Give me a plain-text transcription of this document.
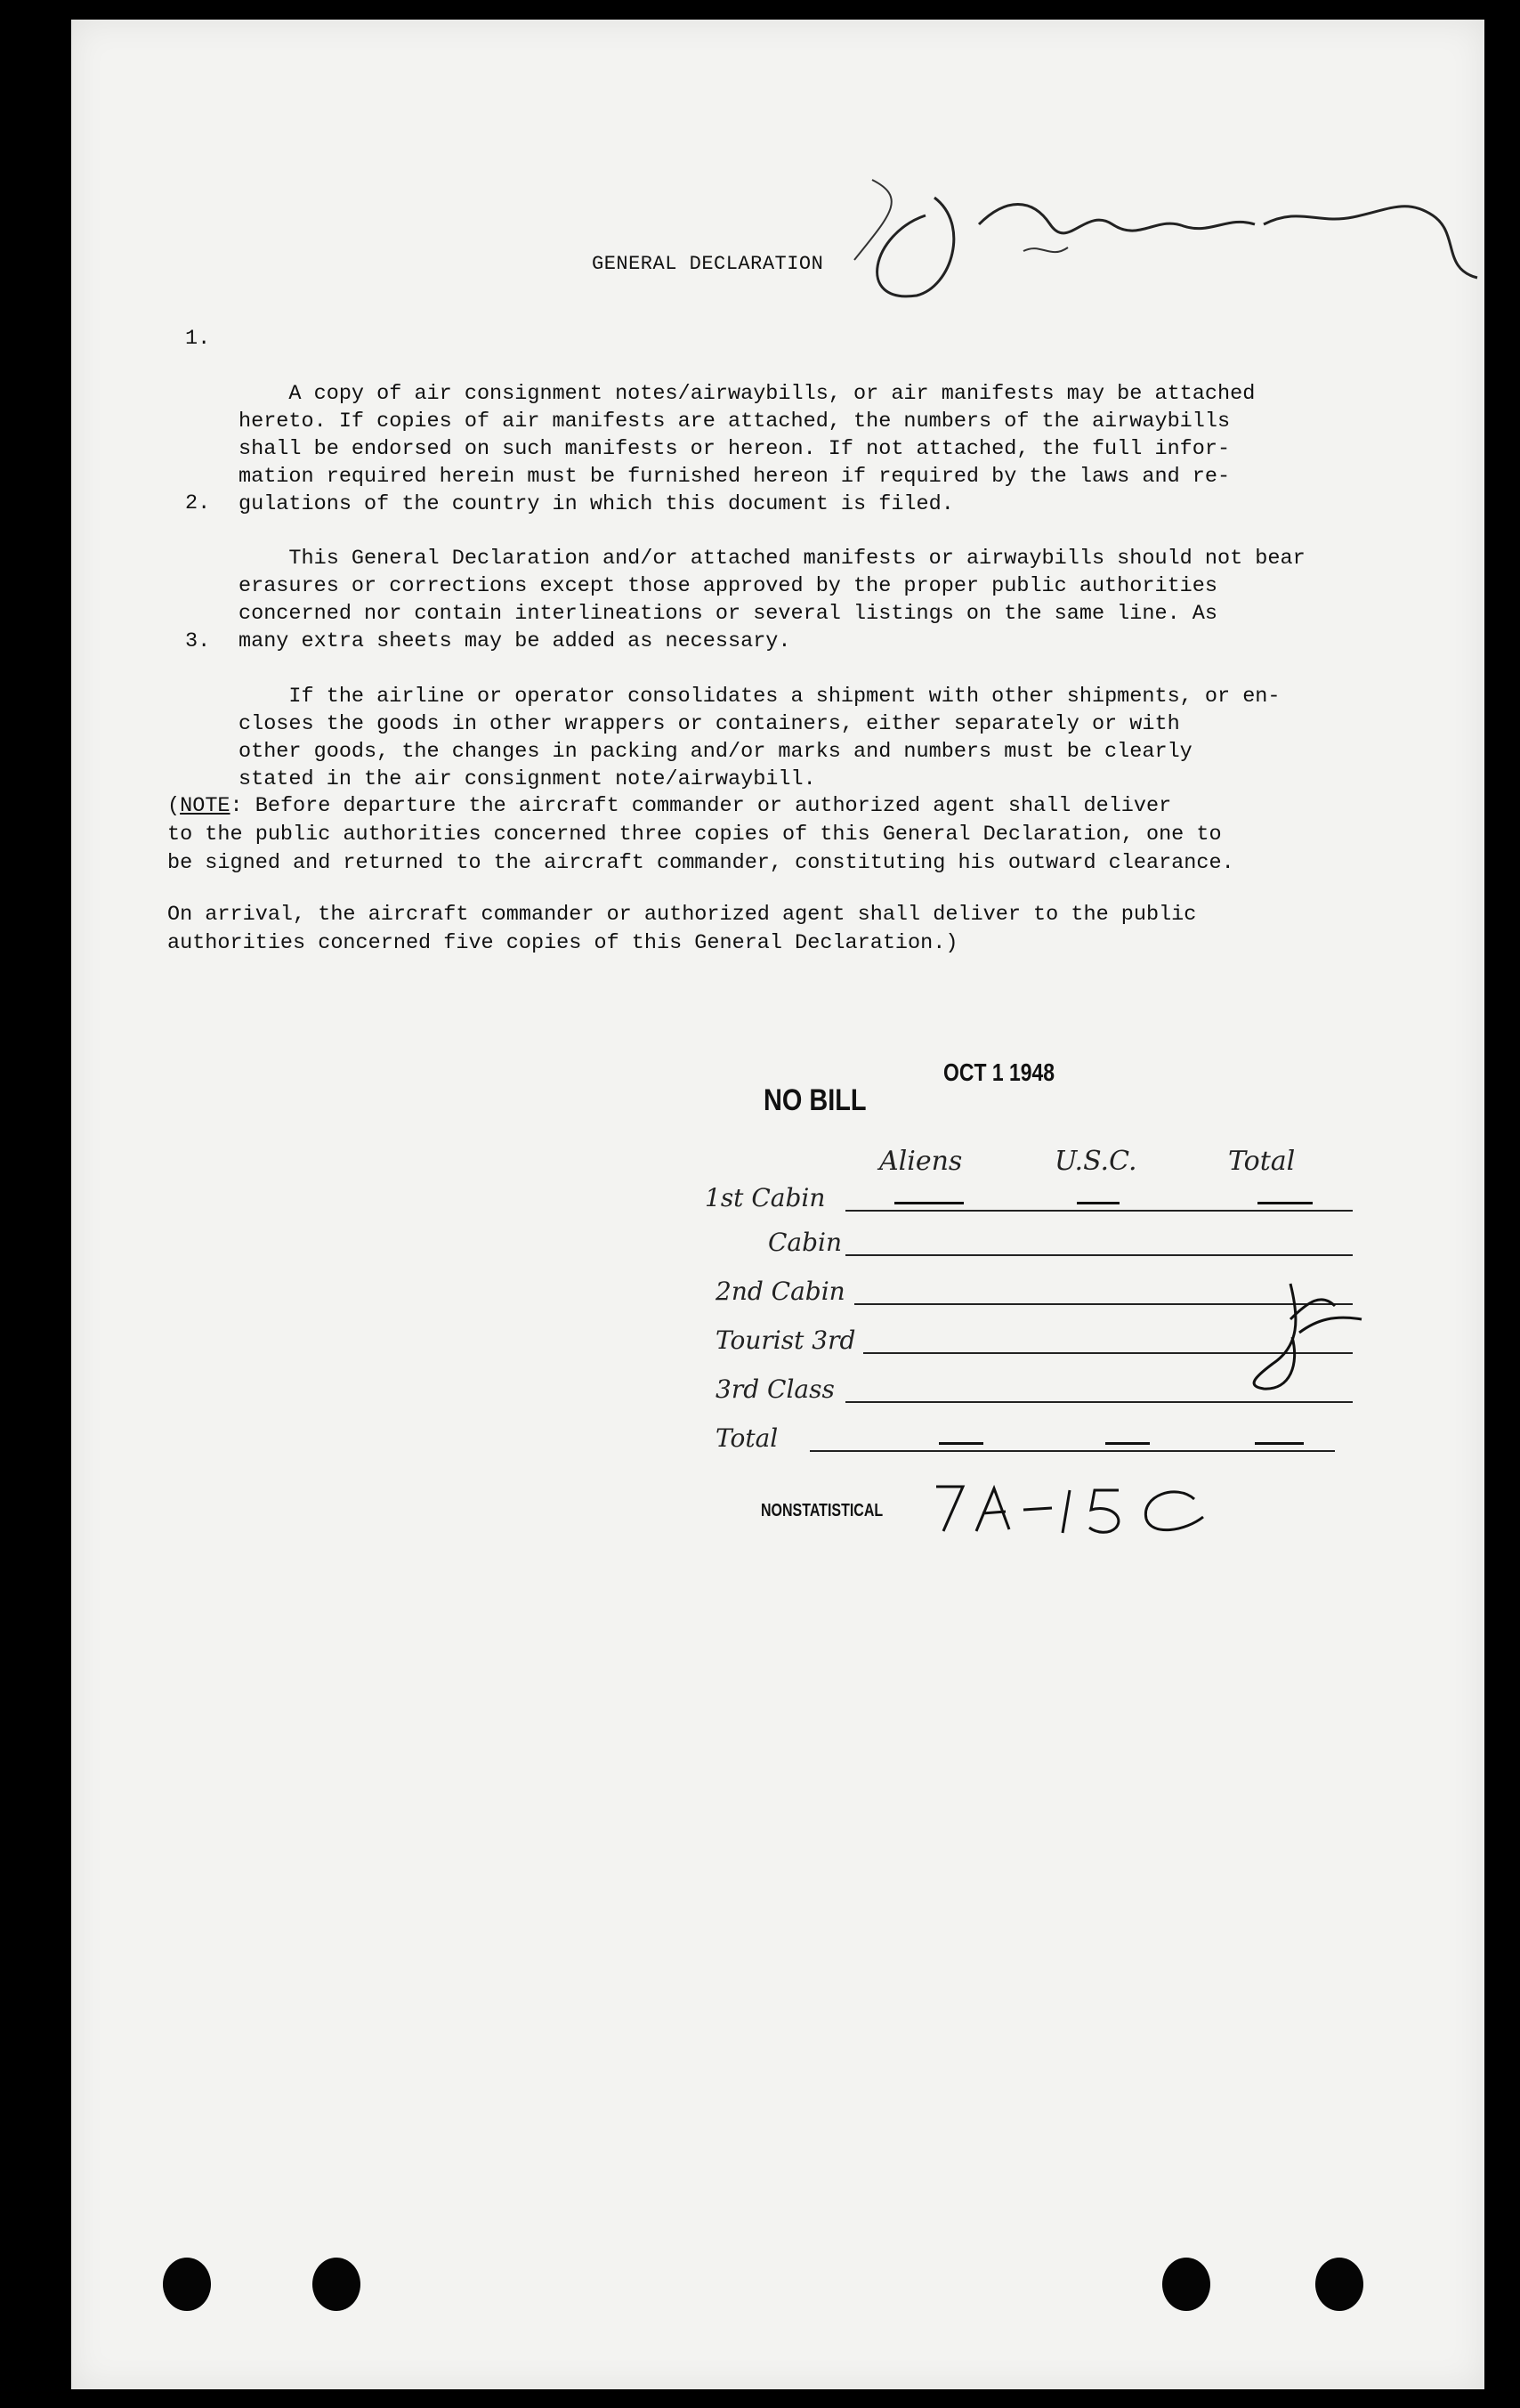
GENERAL DECLARATION

1.

A copy of air consignment notes/airwaybills, or air manifests may be attached
hereto. If copies of air manifests are attached, the numbers of the airwaybills
shall be endorsed on such manifests or hereon. If not attached, the full infor-
mation required herein must be furnished hereon if required by the laws and re-
gulations of the country in which this document is filed.

2.

This General Declaration and/or attached manifests or airwaybills should not bear
erasures or corrections except those approved by the proper public authorities
concerned nor contain interlineations or several listings on the same line. As
many extra sheets may be added as necessary.

3.

If the airline or operator consolidates a shipment with other shipments, or en-
closes the goods in other wrappers or containers, either separately or with
other goods, the changes in packing and/or marks and numbers must be clearly
stated in the air consignment note/airwaybill.

(NOTE: Before departure the aircraft commander or authorized agent shall deliver
to the public authorities concerned three copies of this General Declaration, one to
be signed and returned to the aircraft commander, constituting his outward clearance.
On arrival, the aircraft commander or authorized agent shall deliver to the public
authorities concerned five copies of this General Declaration.)
OCT 1 1948
NO BILL
Aliens	U.S.C.	Total
1st Cabin
Cabin
2nd Cabin
Tourist 3rd
3rd Class
Total
NONSTATISTICAL
